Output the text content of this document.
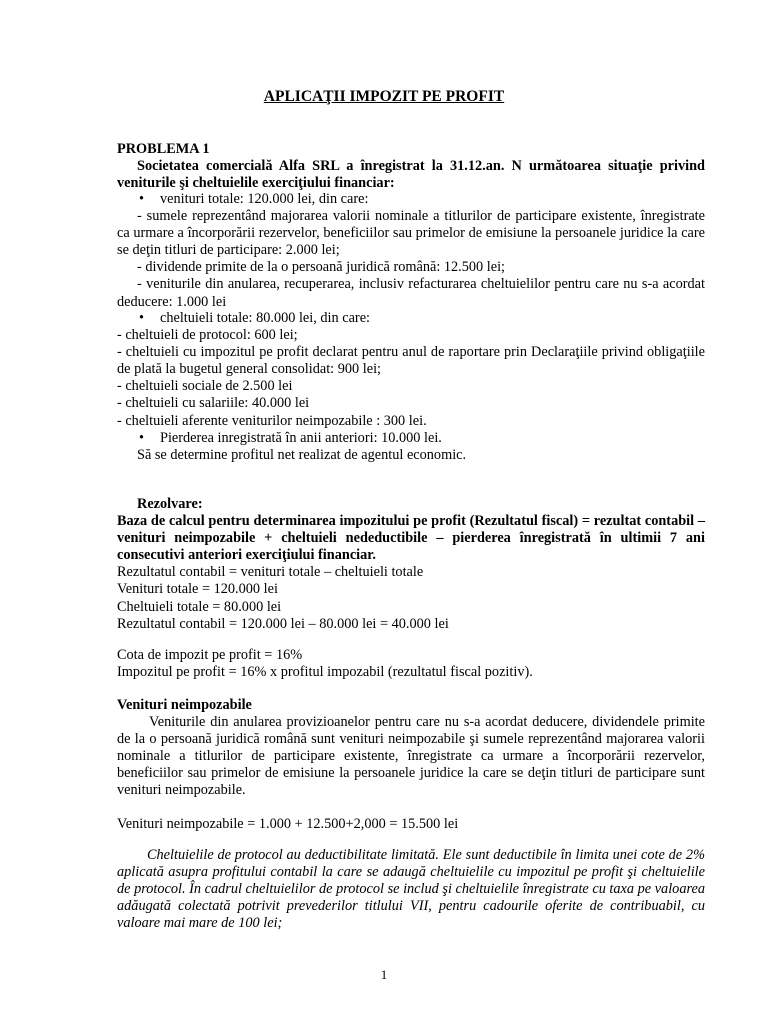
APLICAŢII IMPOZIT PE PROFIT
PROBLEMA 1
Societatea comercială Alfa SRL a înregistrat la 31.12.an. N următoarea situaţie privind veniturile şi cheltuielile exerciţiului financiar:
• venituri totale: 120.000 lei, din care:
- sumele reprezentând majorarea valorii nominale a titlurilor de participare existente, înregistrate ca urmare a încorporării rezervelor, beneficiilor sau primelor de emisiune la persoanele juridice la care se deţin titluri de participare: 2.000 lei;
- dividende primite de la o persoană juridică română: 12.500 lei;
- veniturile din anularea, recuperarea, inclusiv refacturarea cheltuielilor pentru care nu s-a acordat deducere: 1.000 lei
• cheltuieli totale: 80.000 lei, din care:
- cheltuieli de protocol: 600 lei;
- cheltuieli cu impozitul pe profit declarat pentru anul de raportare prin Declaraţiile privind obligaţiile de plată la bugetul general consolidat: 900 lei;
- cheltuieli sociale de 2.500 lei
- cheltuieli cu salariile: 40.000 lei
- cheltuieli aferente veniturilor neimpozabile : 300 lei.
• Pierderea inregistrată în anii anteriori: 10.000 lei.
Să se determine profitul net realizat de agentul economic.
Rezolvare:
Baza de calcul pentru determinarea impozitului pe profit (Rezultatul fiscal) = rezultat contabil – venituri neimpozabile + cheltuieli nedeductibile – pierderea înregistrată în ultimii 7 ani consecutivi anteriori exerciţiului financiar.
Rezultatul contabil = venituri totale – cheltuieli totale
Venituri totale = 120.000 lei
Cheltuieli totale = 80.000 lei
Rezultatul contabil = 120.000 lei – 80.000 lei = 40.000 lei
Cota de impozit pe profit = 16%
Impozitul pe profit = 16% x profitul impozabil (rezultatul fiscal pozitiv).
Venituri neimpozabile
Veniturile din anularea provizioanelor pentru care nu s-a acordat deducere, dividendele primite de la o persoană juridică română sunt venituri neimpozabile şi sumele reprezentând majorarea valorii nominale a titlurilor de participare existente, înregistrate ca urmare a încorporării rezervelor, beneficiilor sau primelor de emisiune la persoanele juridice la care se deţin titluri de participare sunt venituri neimpozabile.
Venituri neimpozabile = 1.000 + 12.500+2,000 = 15.500 lei
Cheltuielile de protocol au deductibilitate limitată. Ele sunt deductibile în limita unei cote de 2% aplicată asupra profitului contabil la care se adaugă cheltuielile cu impozitul pe profit şi cheltuielile de protocol. În cadrul cheltuielilor de protocol se includ şi cheltuielile înregistrate cu taxa pe valoarea adăugată colectată potrivit prevederilor titlului VII, pentru cadourile oferite de contribuabil, cu valoare mai mare de 100 lei;
1
